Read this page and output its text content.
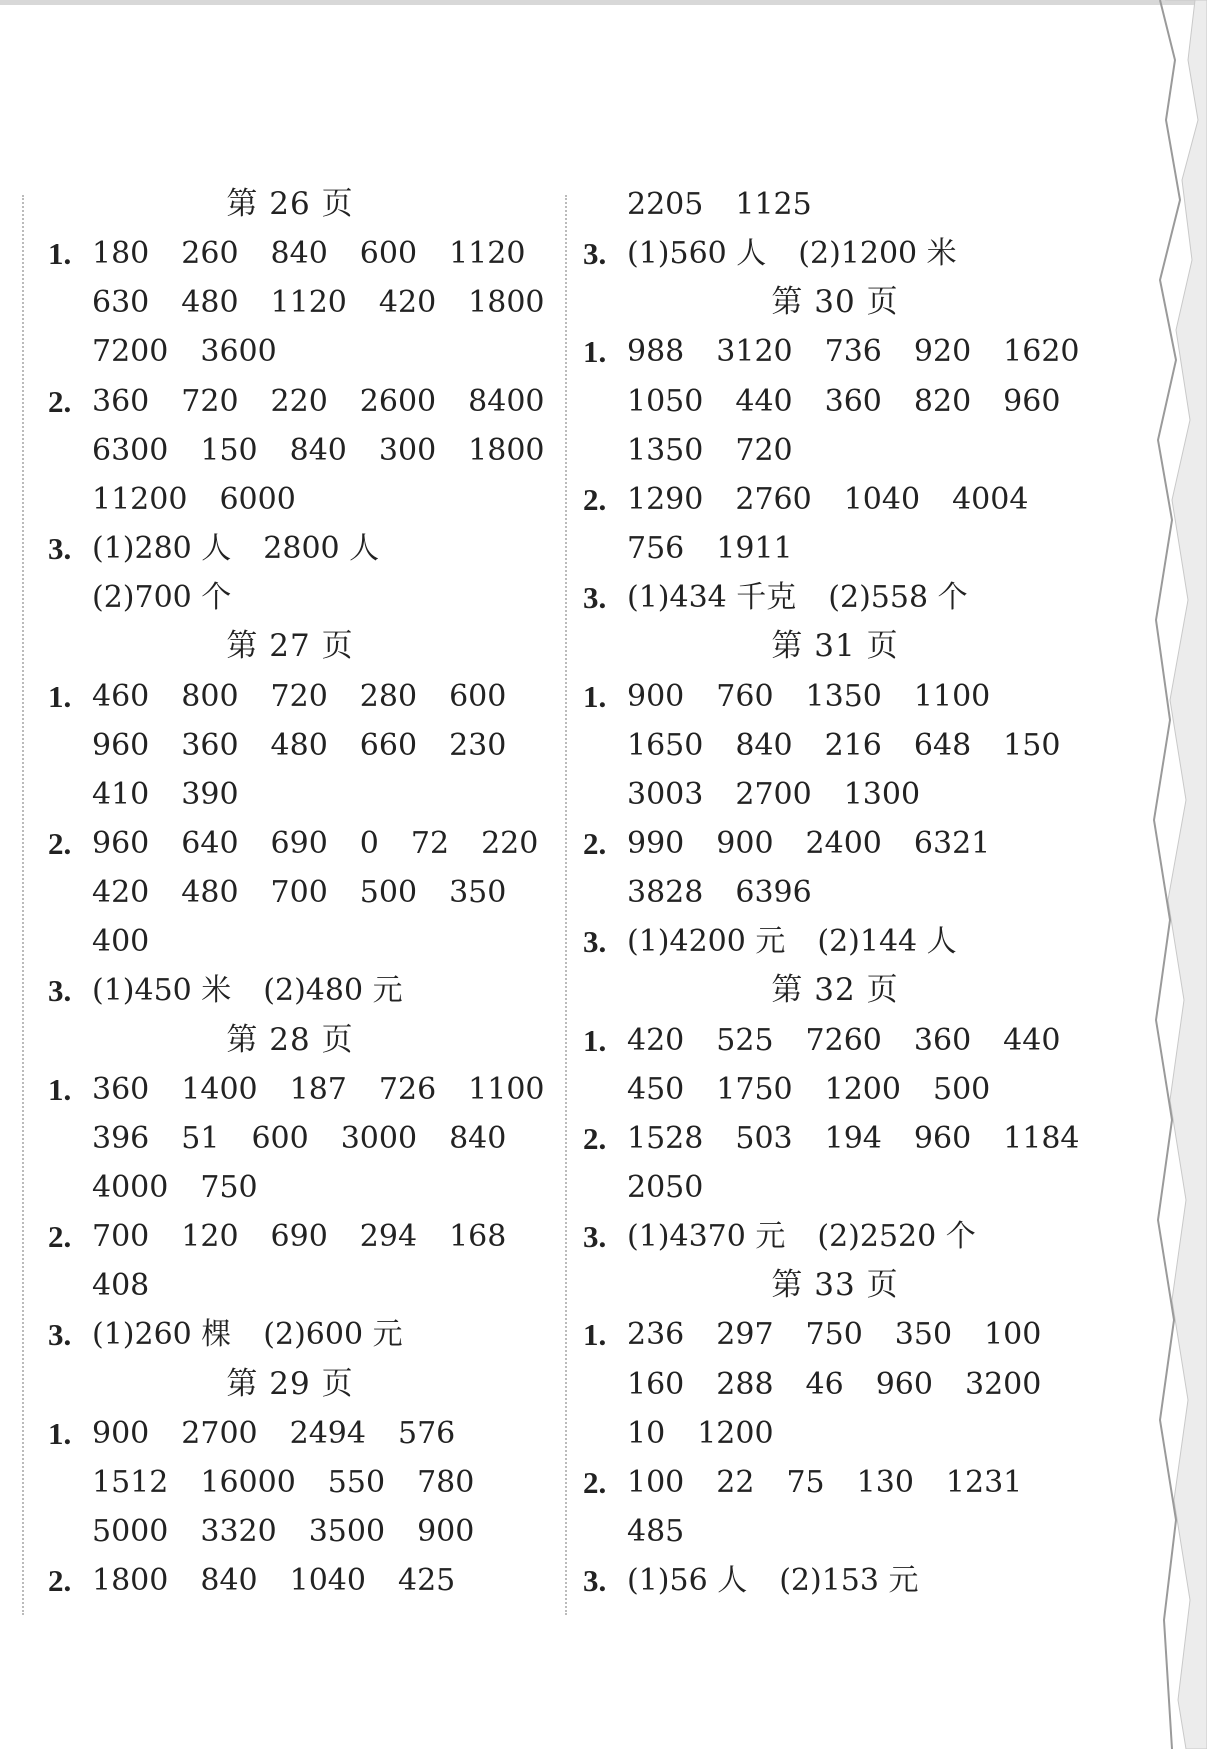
第 26 页
1. 180 260 840 600 1120
630 480 1120 420 1800
7200 3600
2. 360 720 220 2600 8400
6300 150 840 300 1800
11200 6000
3. (1)280 人 2800 人
(2)700 个
第 27 页
1. 460 800 720 280 600
960 360 480 660 230
410 390
2. 960 640 690 0 72 220
420 480 700 500 350
400
3. (1)450 米 (2)480 元
第 28 页
1. 360 1400 187 726 1100
396 51 600 3000 840
4000 750
2. 700 120 690 294 168
408
3. (1)260 棵 (2)600 元
第 29 页
1. 900 2700 2494 576
1512 16000 550 780
5000 3320 3500 900
2. 1800 840 1040 425
2205 1125
3. (1)560 人 (2)1200 米
第 30 页
1. 988 3120 736 920 1620
1050 440 360 820 960
1350 720
2. 1290 2760 1040 4004
756 1911
3. (1)434 千克 (2)558 个
第 31 页
1. 900 760 1350 1100
1650 840 216 648 150
3003 2700 1300
2. 990 900 2400 6321
3828 6396
3. (1)4200 元 (2)144 人
第 32 页
1. 420 525 7260 360 440
450 1750 1200 500
2. 1528 503 194 960 1184
2050
3. (1)4370 元 (2)2520 个
第 33 页
1. 236 297 750 350 100
160 288 46 960 3200
10 1200
2. 100 22 75 130 1231
485
3. (1)56 人 (2)153 元
